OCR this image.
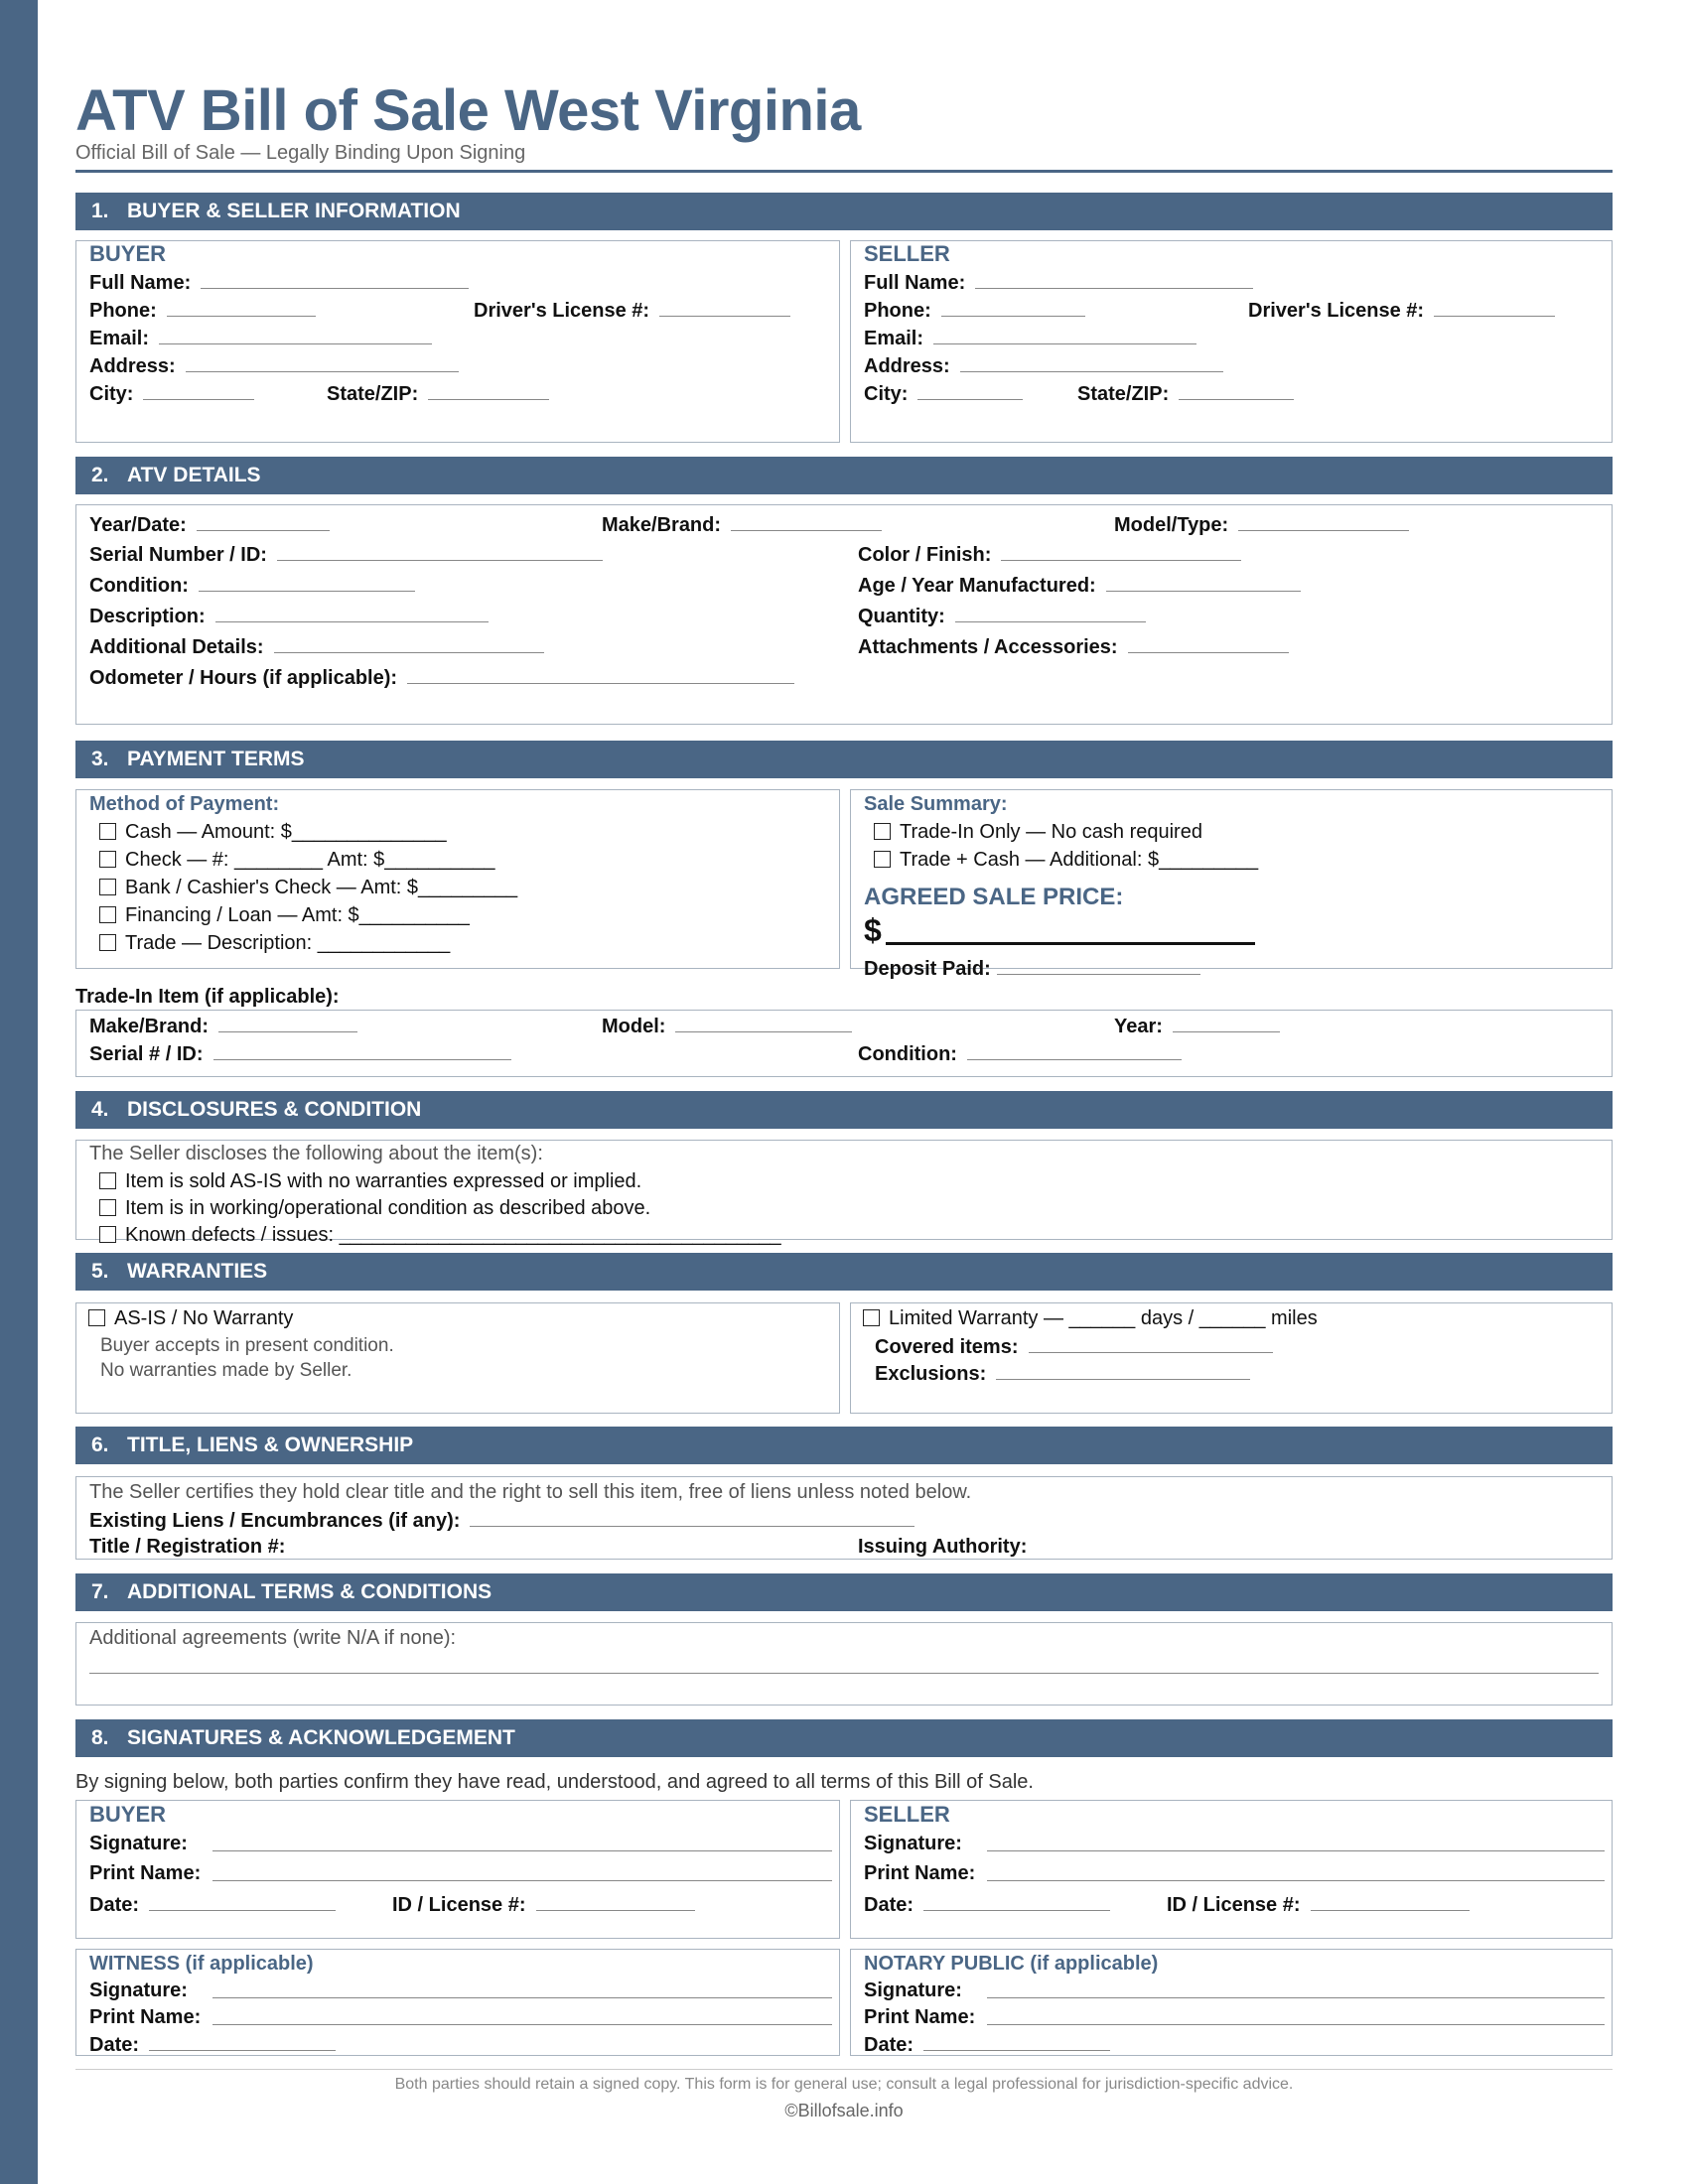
ATV Bill of Sale West Virginia
Official Bill of Sale — Legally Binding Upon Signing
1. BUYER & SELLER INFORMATION
BUYER
Full Name:
Phone:	Driver's License #:
Email:
Address:
City:	State/ZIP:
SELLER
Full Name:
Phone:	Driver's License #:
Email:
Address:
City:	State/ZIP:
2. ATV DETAILS
Year/Date:	Make/Brand:	Model/Type:
Serial Number / ID:	Color / Finish:
Condition:	Age / Year Manufactured:
Description:	Quantity:
Additional Details:	Attachments / Accessories:
Odometer / Hours (if applicable):
3. PAYMENT TERMS
Method of Payment:
Cash — Amount: $______________
Check — #: ________ Amt: $__________
Bank / Cashier's Check — Amt: $_________
Financing / Loan — Amt: $__________
Trade — Description: ____________
Sale Summary:
Trade-In Only — No cash required
Trade + Cash — Additional: $_________
AGREED SALE PRICE:
$
Deposit Paid:
Trade-In Item (if applicable):
Make/Brand:	Model:	Year:
Serial # / ID:	Condition:
4. DISCLOSURES & CONDITION
The Seller discloses the following about the item(s):
Item is sold AS-IS with no warranties expressed or implied.
Item is in working/operational condition as described above.
Known defects / issues: ________________________________________
5. WARRANTIES
AS-IS / No Warranty
Buyer accepts in present condition.
No warranties made by Seller.
Limited Warranty — ______ days / ______ miles
Covered items:
Exclusions:
6. TITLE, LIENS & OWNERSHIP
The Seller certifies they hold clear title and the right to sell this item, free of liens unless noted below.
Existing Liens / Encumbrances (if any):
Title / Registration #:	Issuing Authority:
7. ADDITIONAL TERMS & CONDITIONS
Additional agreements (write N/A if none):
8. SIGNATURES & ACKNOWLEDGEMENT
By signing below, both parties confirm they have read, understood, and agreed to all terms of this Bill of Sale.
BUYER
Signature:
Print Name:
Date:	ID / License #:
SELLER
Signature:
Print Name:
Date:	ID / License #:
WITNESS (if applicable)
Signature:
Print Name:
Date:
NOTARY PUBLIC (if applicable)
Signature:
Print Name:
Date:
Both parties should retain a signed copy. This form is for general use; consult a legal professional for jurisdiction-specific advice.
©Billofsale.info
